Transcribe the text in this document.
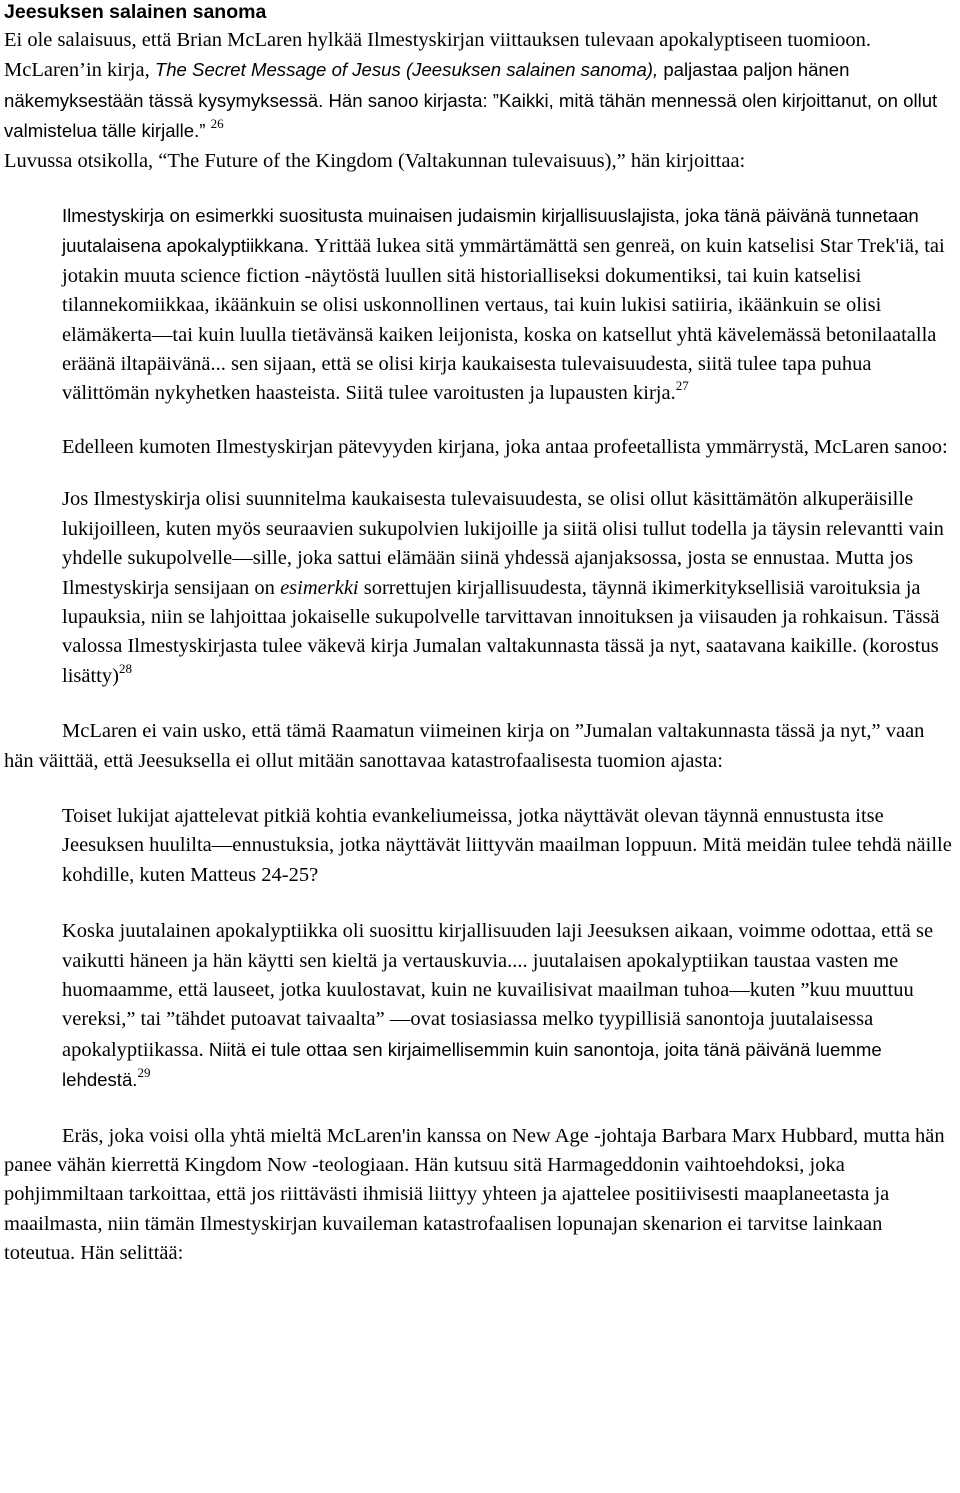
Jeesuksen salainen sanoma

Ei ole salaisuus, että Brian McLaren hylkää Ilmestyskirjan viittauksen tulevaan apokalyptiseen tuomioon. McLaren’in kirja, The Secret Message of Jesus (Jeesuksen salainen sanoma), paljastaa paljon hänen näkemyksestään tässä kysymyksessä. Hän sanoo kirjasta: ”Kaikki, mitä tähän mennessä olen kirjoittanut, on ollut valmistelua tälle kirjalle.” $^{26}$
Luvussa otsikolla, “The Future of the Kingdom (Valtakunnan tulevaisuus),” hän kirjoittaa:

Ilmestyskirja on esimerkki suositusta muinaisen judaismin kirjallisuuslajista, joka tänä päivänä tunnetaan juutalaisena apokalyptiikkana. Yrittää lukea sitä ymmärtämättä sen genreä, on kuin katselisi Star Trek'iä, tai jotakin muuta science fiction -näytöstä luullen sitä historialliseksi dokumentiksi, tai kuin katselisi tilannekomiikkaa, ikäänkuin se olisi uskonnollinen vertaus, tai kuin lukisi satiiria, ikäänkuin se olisi elämäkerta—tai kuin luulla tietävänsä kaiken leijonista, koska on katsellut yhtä kävelemässä betonilaatalla eräänä iltapäivänä... sen sijaan, että se olisi kirja kaukaisesta tulevaisuudesta, siitä tulee tapa puhua välittömän nykyhetken haasteista. Siitä tulee varoitusten ja lupausten kirja.$^{27}$

Edelleen kumoten Ilmestyskirjan pätevyyden kirjana, joka antaa profeetallista ymmärrystä, McLaren sanoo:

Jos Ilmestyskirja olisi suunnitelma kaukaisesta tulevaisuudesta, se olisi ollut käsittämätön alkuperäisille lukijoilleen, kuten myös seuraavien sukupolvien lukijoille ja siitä olisi tullut todella ja täysin relevantti vain yhdelle sukupolvelle—sille, joka sattui elämään siinä yhdessä ajanjaksossa, josta se ennustaa. Mutta jos Ilmestyskirja sensijaan on esimerkki sorrettujen kirjallisuudesta, täynnä ikimerkityksellisiä varoituksia ja lupauksia, niin se lahjoittaa jokaiselle sukupolvelle tarvittavan innoituksen ja viisauden ja rohkaisun. Tässä valossa Ilmestyskirjasta tulee väkevä kirja Jumalan valtakunnasta tässä ja nyt, saatavana kaikille. (korostus lisätty)$^{28}$

McLaren ei vain usko, että tämä Raamatun viimeinen kirja on ”Jumalan valtakunnasta tässä ja nyt,” vaan hän väittää, että Jeesuksella ei ollut mitään sanottavaa katastrofaalisesta tuomion ajasta:

Toiset lukijat ajattelevat pitkiä kohtia evankeliumeissa, jotka näyttävät olevan täynnä ennustusta itse Jeesuksen huulilta—ennustuksia, jotka näyttävät liittyvän maailman loppuun. Mitä meidän tulee tehdä näille kohdille, kuten Matteus 24-25?

Koska juutalainen apokalyptiikka oli suosittu kirjallisuuden laji Jeesuksen aikaan, voimme odottaa, että se vaikutti häneen ja hän käytti sen kieltä ja vertauskuvia.... juutalaisen apokalyptiikan taustaa vasten me huomaamme, että lauseet, jotka kuulostavat, kuin ne kuvailisivat maailman tuhoa—kuten ”kuu muuttuu vereksi,” tai ”tähdet putoavat taivaalta” —ovat tosiasiassa melko tyypillisiä sanontoja juutalaisessa apokalyptiikassa. Niitä ei tule ottaa sen kirjaimellisemmin kuin sanontoja, joita tänä päivänä luemme lehdestä.$^{29}$

Eräs, joka voisi olla yhtä mieltä McLaren'in kanssa on New Age -johtaja Barbara Marx Hubbard, mutta hän panee vähän kierrettä Kingdom Now -teologiaan. Hän kutsuu sitä Harmageddonin vaihtoehdoksi, joka pohjimmiltaan tarkoittaa, että jos riittävästi ihmisiä liittyy yhteen ja ajattelee positiivisesti maaplaneetasta ja maailmasta, niin tämän Ilmestyskirjan kuvaileman katastrofaalisen lopunajan skenarion ei tarvitse lainkaan toteutua. Hän selittää:
